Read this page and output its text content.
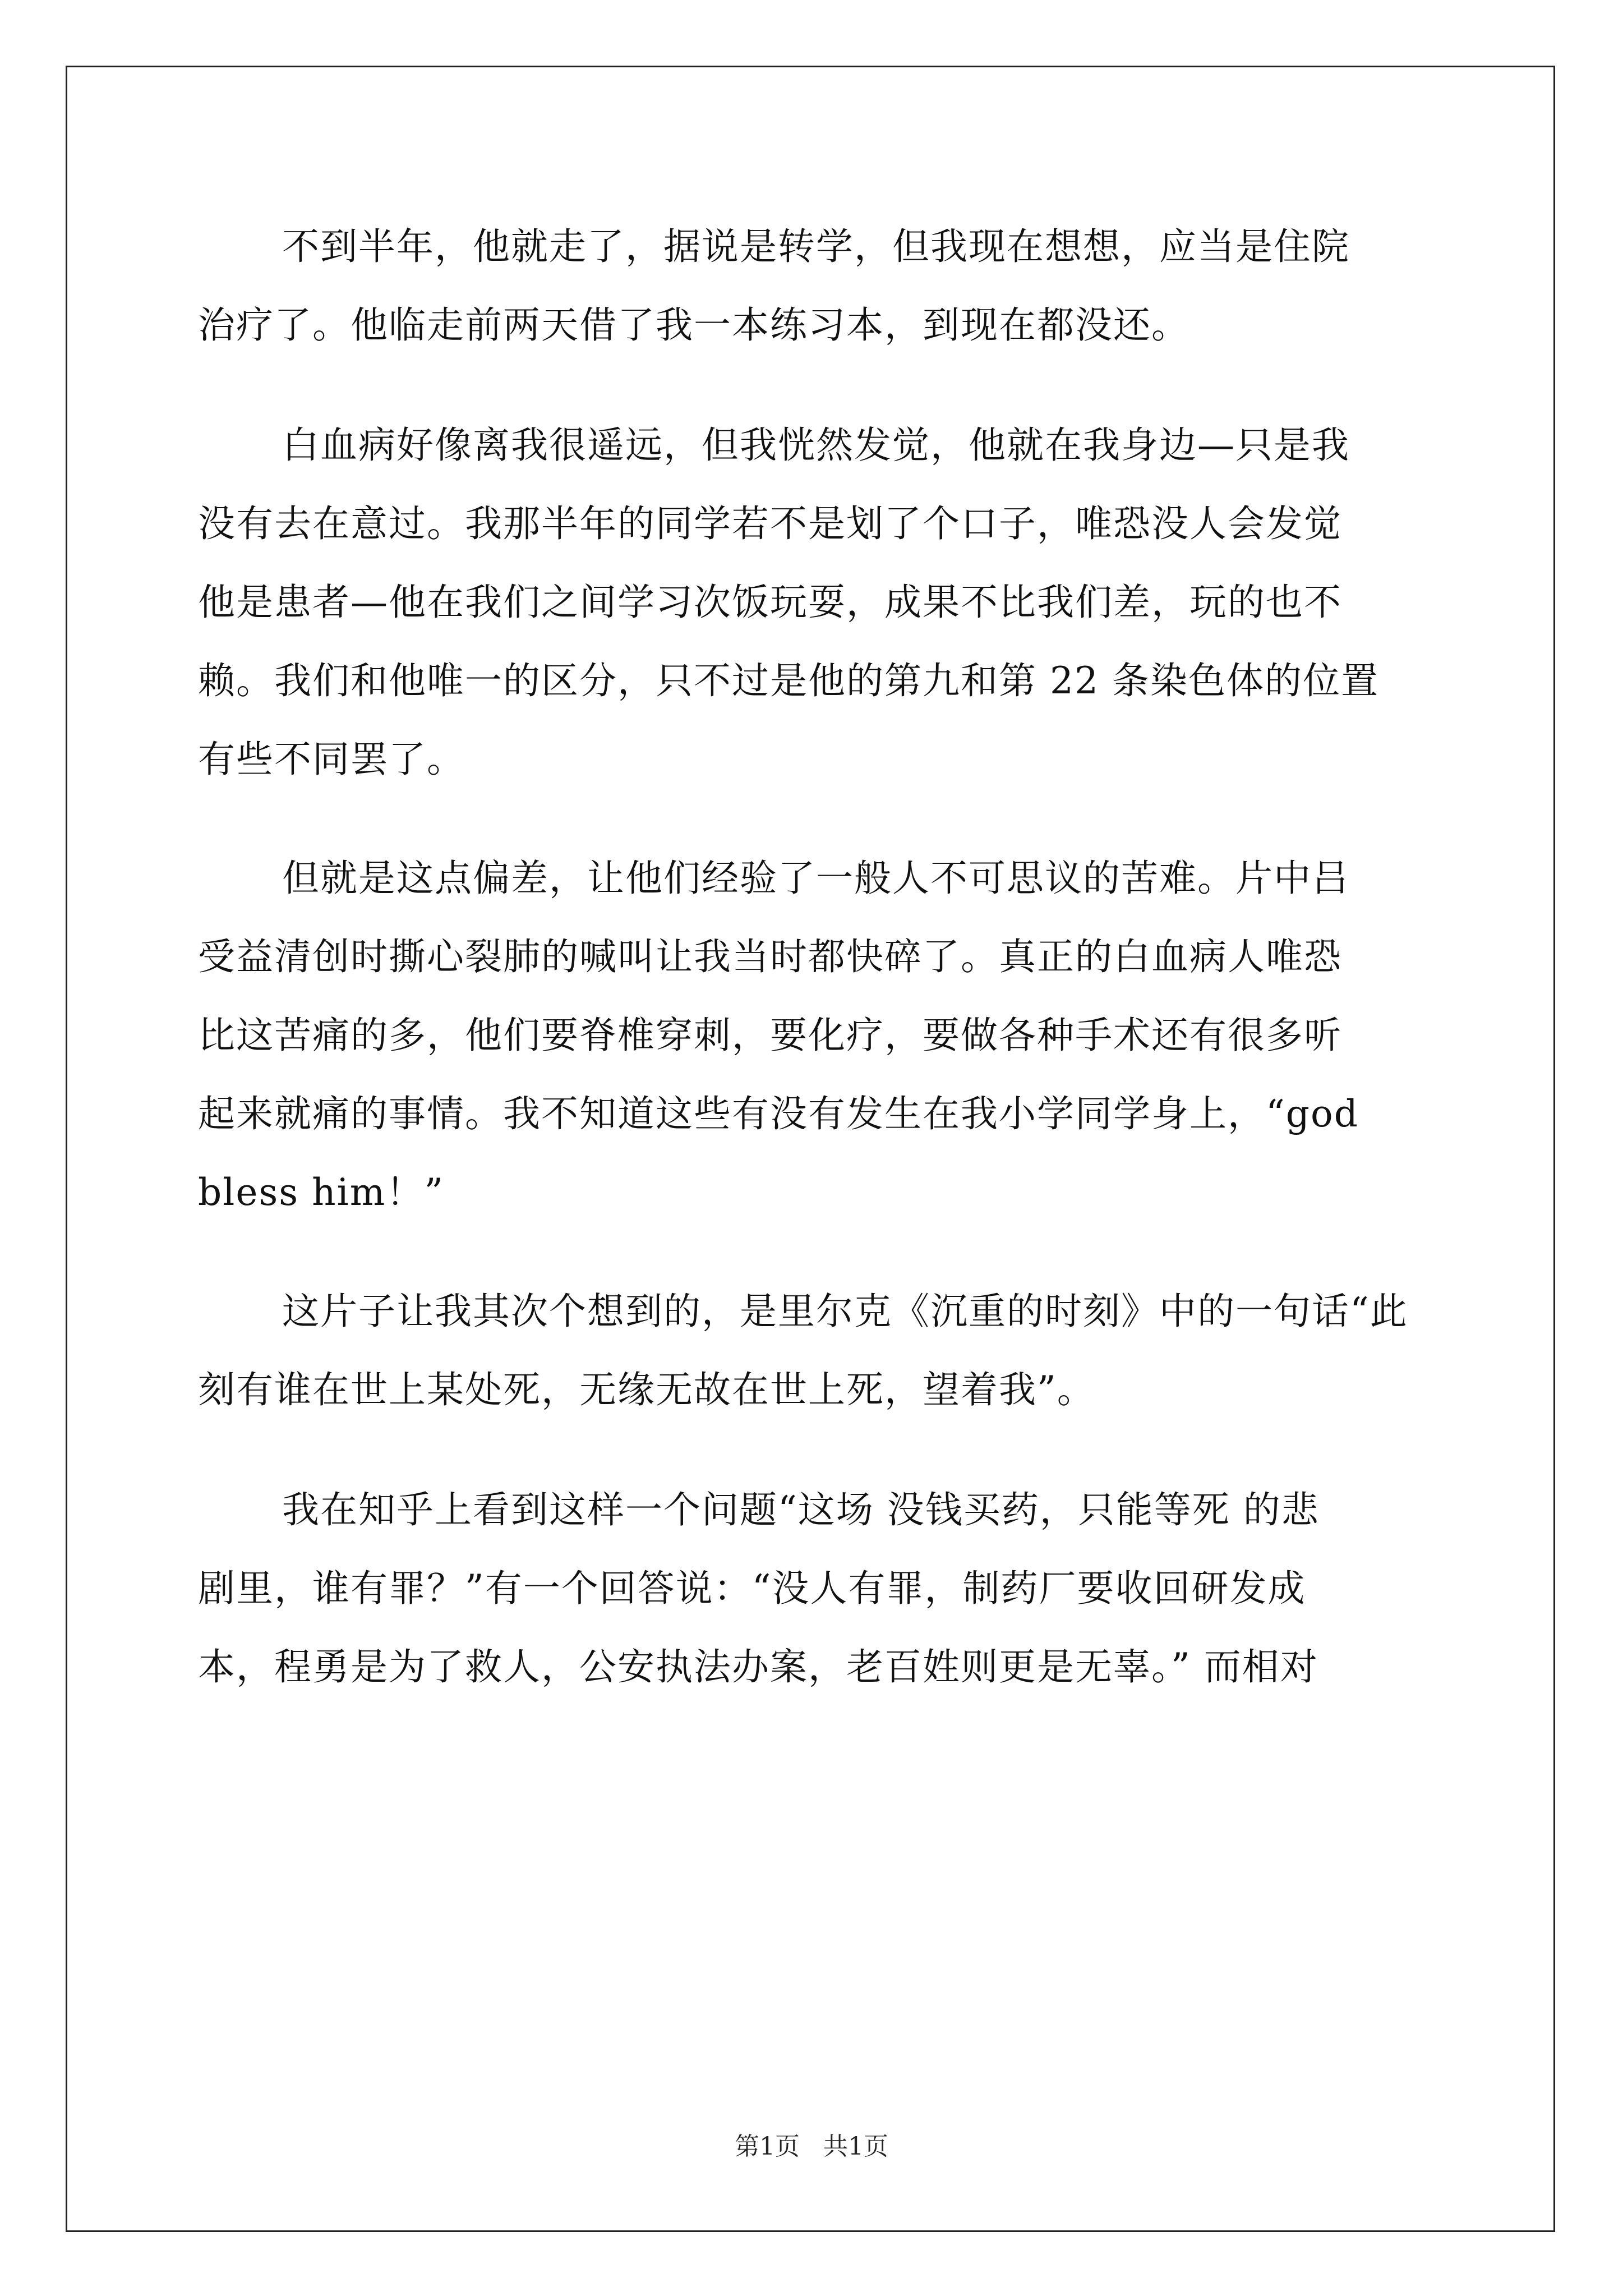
不到半年，他就走了，据说是转学，但我现在想想，应当是住院
治疗了。他临走前两天借了我一本练习本，到现在都没还。
白血病好像离我很遥远，但我恍然发觉，他就在我身边—只是我
没有去在意过。我那半年的同学若不是划了个口子，唯恐没人会发觉
他是患者—他在我们之间学习次饭玩耍，成果不比我们差，玩的也不
赖。我们和他唯一的区分，只不过是他的第九和第 22 条染色体的位置
有些不同罢了。
但就是这点偏差，让他们经验了一般人不可思议的苦难。片中吕
受益清创时撕心裂肺的喊叫让我当时都快碎了。真正的白血病人唯恐
比这苦痛的多，他们要脊椎穿刺，要化疗，要做各种手术还有很多听
起来就痛的事情。我不知道这些有没有发生在我小学同学身上，“god
bless him！”
这片子让我其次个想到的，是里尔克《沉重的时刻》中的一句话“此
刻有谁在世上某处死，无缘无故在世上死，望着我”。
我在知乎上看到这样一个问题“这场 没钱买药，只能等死 的悲
剧里，谁有罪？”有一个回答说：“没人有罪，制药厂要收回研发成
本，程勇是为了救人，公安执法办案，老百姓则更是无辜。” 而相对
第1页   共1页
